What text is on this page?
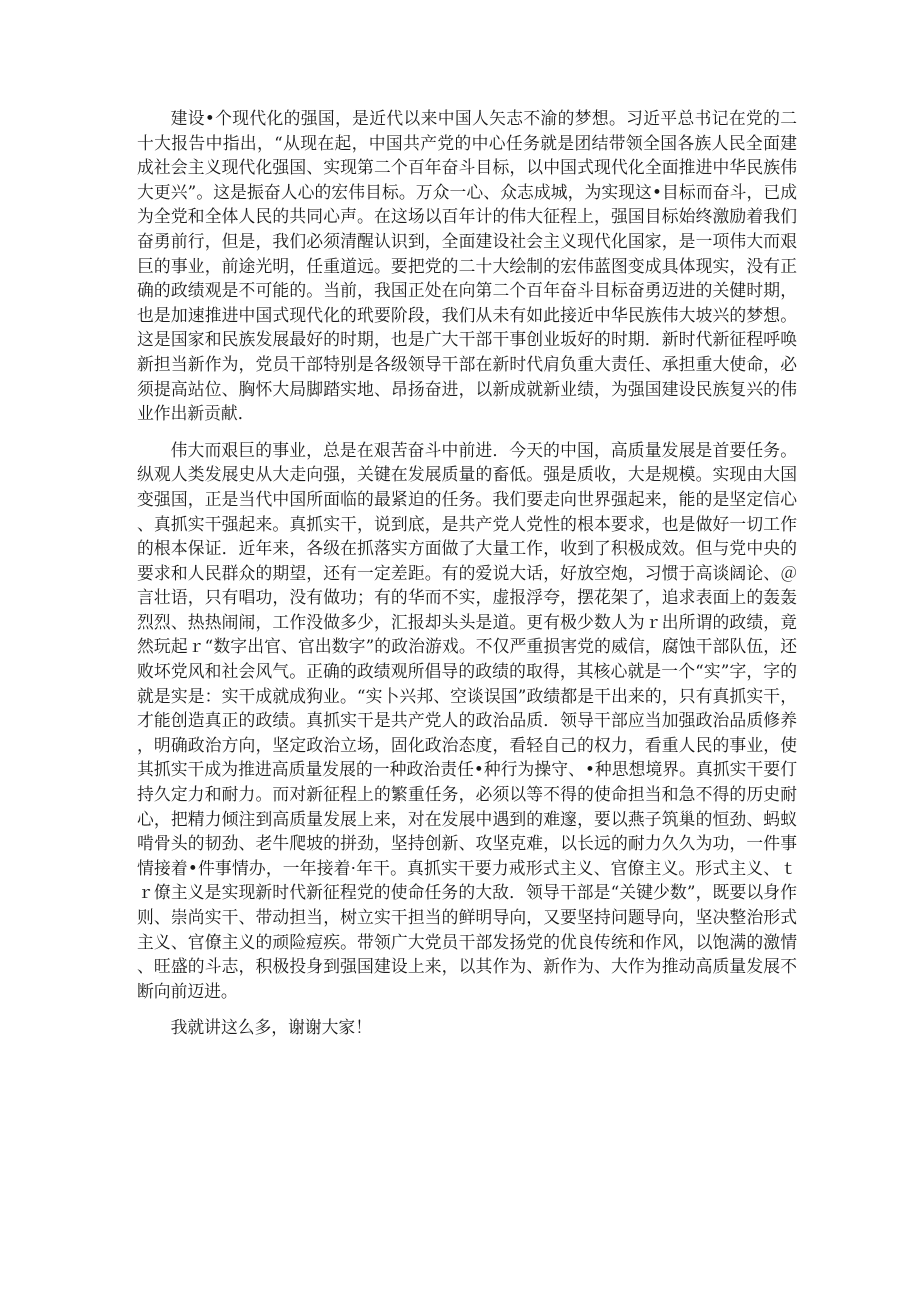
建设•个现代化的强国，是近代以来中国人矢志不渝的梦想。习近平总书记在党的二十大报告中指出，“从现在起，中国共产党的中心任务就是团结带领全国各族人民全面建成社会主义现代化强国、实现第二个百年奋斗目标，以中国式现代化全面推进中华民族伟大更兴”。这是振奋人心的宏伟目标。万众一心、众志成城，为实现这•目标而奋斗，已成为全党和全体人民的共同心声。在这场以百年计的伟大征程上，强国目标始终激励着我们奋勇前行，但是，我们必须清醒认识到，全面建设社会主义现代化国家，是一项伟大而艰巨的事业，前途光明，任重道远。要把党的二十大绘制的宏伟蓝图变成具体现实，没有正确的政绩观是不可能的。当前，我国正处在向第二个百年奋斗目标奋勇迈进的关健时期，也是加速推进中国式现代化的玳要阶段，我们从未有如此接近中华民族伟大坡兴的梦想。这是国家和民族发展最好的时期，也是广大干部干事创业坂好的时期．新时代新征程呼唤新担当新作为，党员干部特别是各级领导干部在新时代肩负重大责任、承担重大使命，必须提高站位、胸怀大局脚踏实地、昂扬奋进，以新成就新业绩，为强国建设民族复兴的伟业作出新贡献．

伟大而艰巨的事业，总是在艰苦奋斗中前进．今天的中国，高质量发展是首要任务。纵观人类发展史从大走向强，关键在发展质量的畜低。强是质收，大是规模。实现由大国变强国，正是当代中国所面临的最紧迫的任务。我们要走向世界强起来，能的是坚定信心、真抓实干强起来。真抓实干，说到底，是共产党人党性的根本要求，也是做好一切工作的根本保证．近年来，各级在抓落实方面做了大量工作，收到了积极成效。但与党中央的要求和人民群众的期望，还有一定差距。有的爱说大话，好放空炮，习惯于高谈阔论、＠言壮语，只有唱功，没有做功；有的华而不实，虚报浮夸，摆花架了，追求表面上的轰轰烈烈、热热闹闹，工作没做多少，汇报却头头是道。更有极少数人为ｒ出所谓的政绩，竟然玩起ｒ“数字出官、官出数字”的政治游戏。不仅严重损害党的威信，腐蚀干部队伍，还败坏党风和社会风气。正确的政绩观所倡导的政绩的取得，其核心就是一个“实”字，字的就是实是：实干成就成狗业。“实卜兴邦、空谈误国”政绩都是干出来的，只有真抓实干，才能创造真正的政绩。真抓实干是共产党人的政治品质．领导干部应当加强政治品质修养，明确政治方向，坚定政治立场，固化政治态度，看轻自己的权力，看重人民的事业，使其抓实干成为推进高质量发展的一种政治责任•种行为操守、•种思想境界。真抓实干要仃持久定力和耐力。而对新征程上的繁重任务，必须以等不得的使命担当和急不得的历史耐心，把精力倾注到高质量发展上来，对在发展中遇到的难邃，要以燕子筑巢的恒劲、蚂蚁啃骨头的韧劲、老牛爬坡的拼劲，坚持创新、攻坚克难，以长远的耐力久久为功，一件事情接着•件事情办，一年接着·年干。真抓实干要力戒形式主义、官僚主义。形式主义、ｔｒ僚主义是实现新时代新征程党的使命任务的大敌．领导干部是“关键少数”，既要以身作则、崇尚实干、带动担当，树立实干担当的鲜明导向，又要坚持问题导向，坚决整治形式主义、官僚主义的顽险痘疾。带领广大党员干部发扬党的优良传统和作风，以饱满的激情、旺盛的斗志，积极投身到强国建设上来，以其作为、新作为、大作为推动高质量发展不断向前迈进。

我就讲这么多，谢谢大家！
